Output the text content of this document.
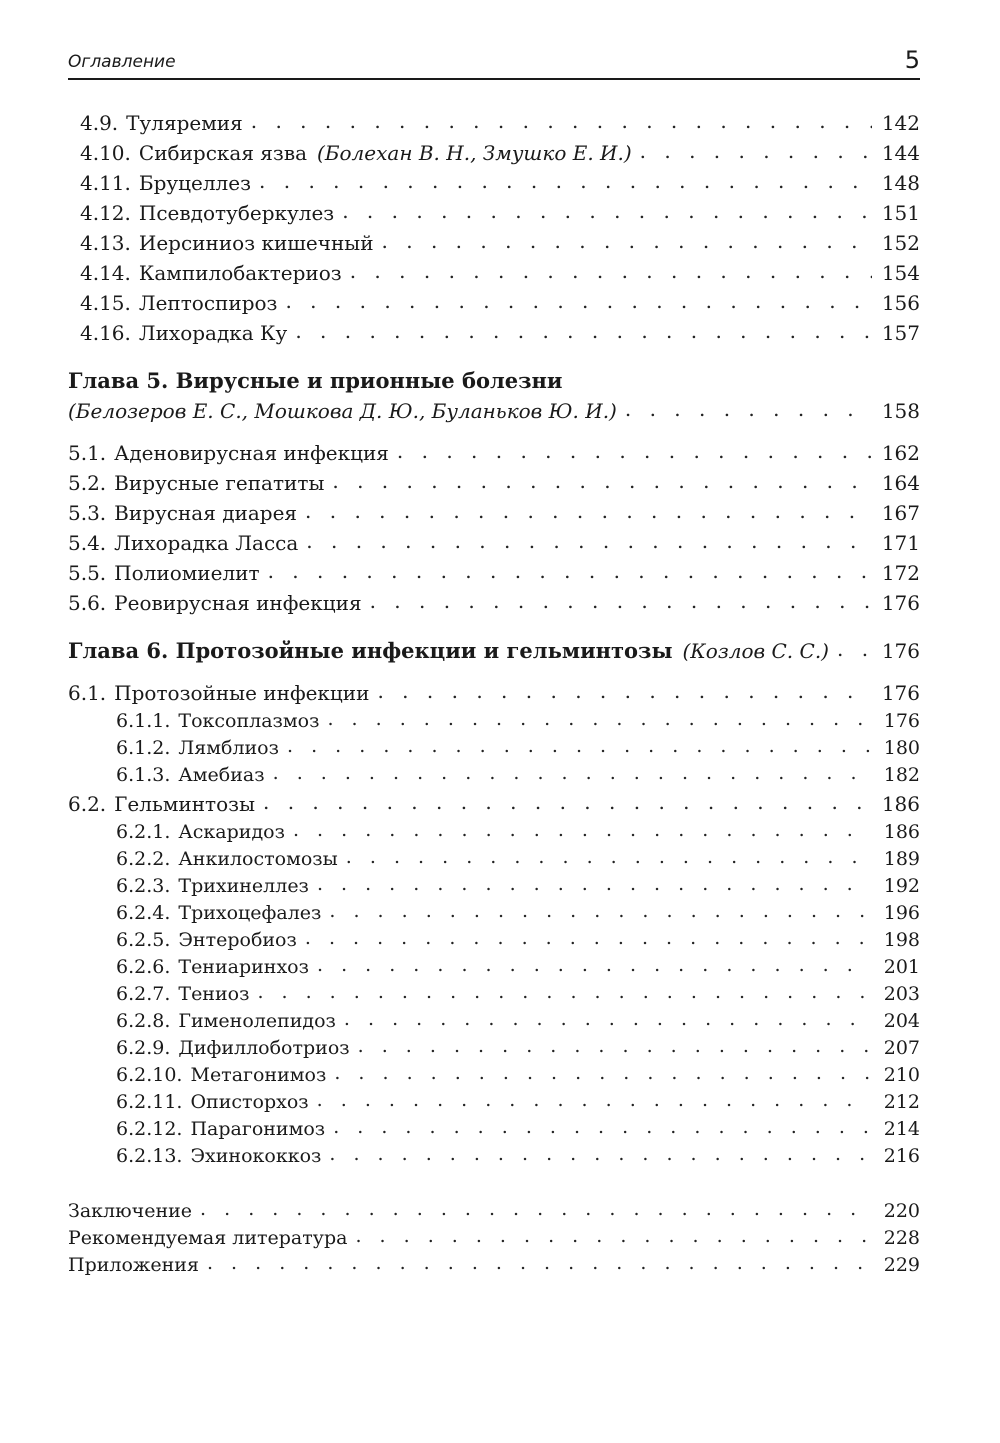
Оглавление	5
4.9. Туляремия . . .	142
4.10. Сибирская язва (Болехан В. Н., Змушко Е. И.) . . .	144
4.11. Бруцеллез . . .	148
4.12. Псевдотуберкулез . . .	151
4.13. Иерсиниоз кишечный . . .	152
4.14. Кампилобактериоз . . .	154
4.15. Лептоспироз . . .	156
4.16. Лихорадка Ку . . .	157
Глава 5. Вирусные и прионные болезни
(Белозеров Е. С., Мошкова Д. Ю., Буланьков Ю. И.) . . .	158
5.1. Аденовирусная инфекция . . .	162
5.2. Вирусные гепатиты . . .	164
5.3. Вирусная диарея . . .	167
5.4. Лихорадка Ласса . . .	171
5.5. Полиомиелит . . .	172
5.6. Реовирусная инфекция . . .	176
Глава 6. Протозойные инфекции и гельминтозы (Козлов С. С.) . . .	176
6.1. Протозойные инфекции . . .	176
6.1.1. Токсоплазмоз . . .	176
6.1.2. Лямблиоз . . .	180
6.1.3. Амебиаз . . .	182
6.2. Гельминтозы . . .	186
6.2.1. Аскаридоз . . .	186
6.2.2. Анкилостомозы . . .	189
6.2.3. Трихинеллез . . .	192
6.2.4. Трихоцефалез . . .	196
6.2.5. Энтеробиоз . . .	198
6.2.6. Тениаринхоз . . .	201
6.2.7. Тениоз . . .	203
6.2.8. Гименолепидоз . . .	204
6.2.9. Дифиллоботриоз . . .	207
6.2.10. Метагонимоз . . .	210
6.2.11. Описторхоз . . .	212
6.2.12. Парагонимоз . . .	214
6.2.13. Эхинококкоз . . .	216
Заключение . . .	220
Рекомендуемая литература . . .	228
Приложения . . .	229
